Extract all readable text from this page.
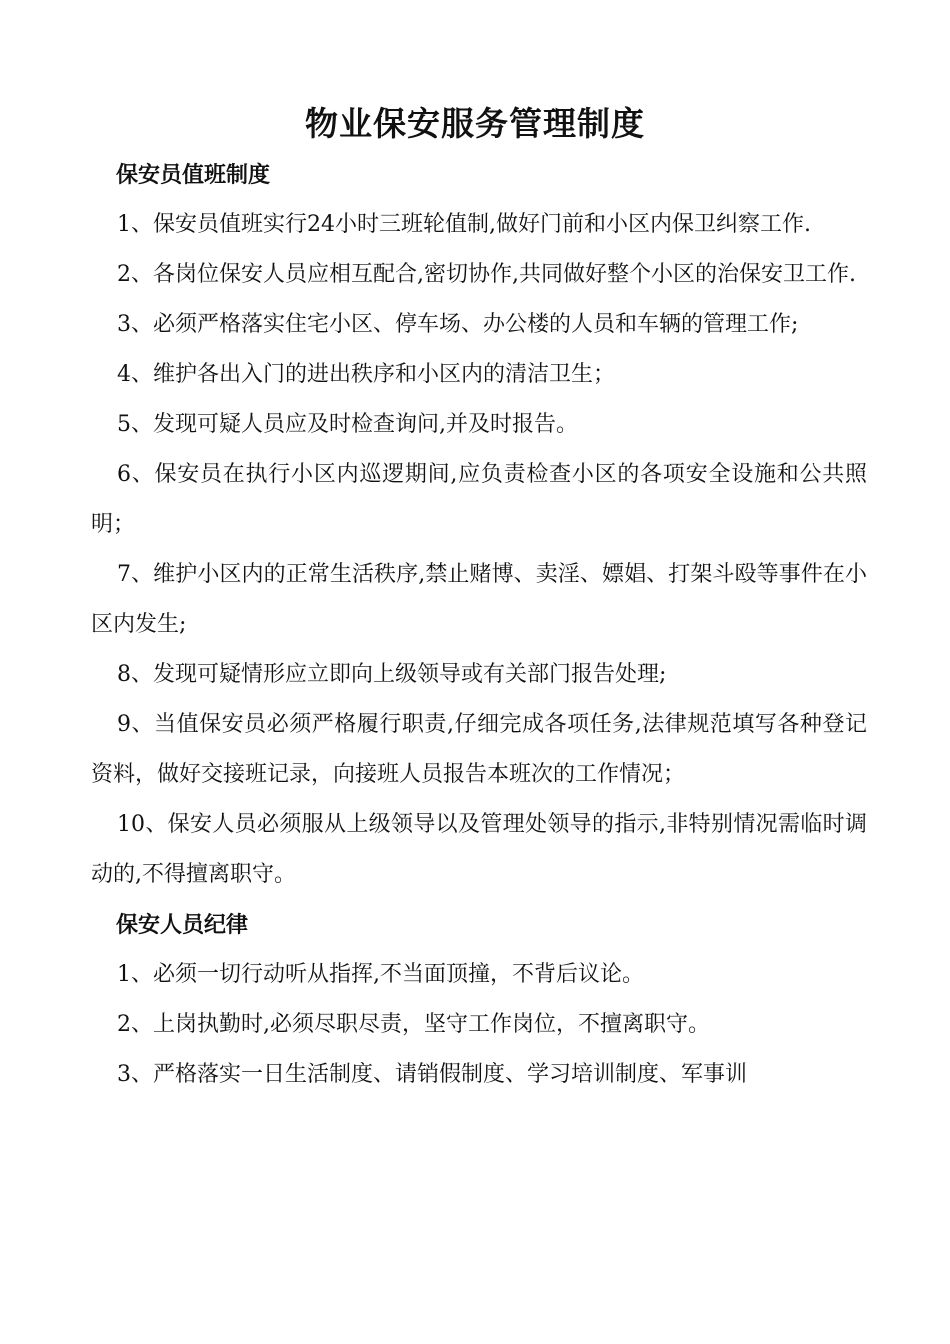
物业保安服务管理制度
保安员值班制度

1、保安员值班实行24小时三班轮值制,做好门前和小区内保卫纠察工作.

2、各岗位保安人员应相互配合,密切协作,共同做好整个小区的治保安卫工作.

3、必须严格落实住宅小区、停车场、办公楼的人员和车辆的管理工作;

4、维护各出入门的进出秩序和小区内的清洁卫生；

5、发现可疑人员应及时检查询问,并及时报告。

6、保安员在执行小区内巡逻期间,应负责检查小区的各项安全设施和公共照明；

7、维护小区内的正常生活秩序,禁止赌博、卖淫、嫖娼、打架斗殴等事件在小区内发生;

8、发现可疑情形应立即向上级领导或有关部门报告处理;

9、当值保安员必须严格履行职责,仔细完成各项任务,法律规范填写各种登记资料，做好交接班记录，向接班人员报告本班次的工作情况；

10、保安人员必须服从上级领导以及管理处领导的指示,非特别情况需临时调动的,不得擅离职守。

保安人员纪律

1、必须一切行动听从指挥,不当面顶撞，不背后议论。

2、上岗执勤时,必须尽职尽责，坚守工作岗位，不擅离职守。

3、严格落实一日生活制度、请销假制度、学习培训制度、军事训
